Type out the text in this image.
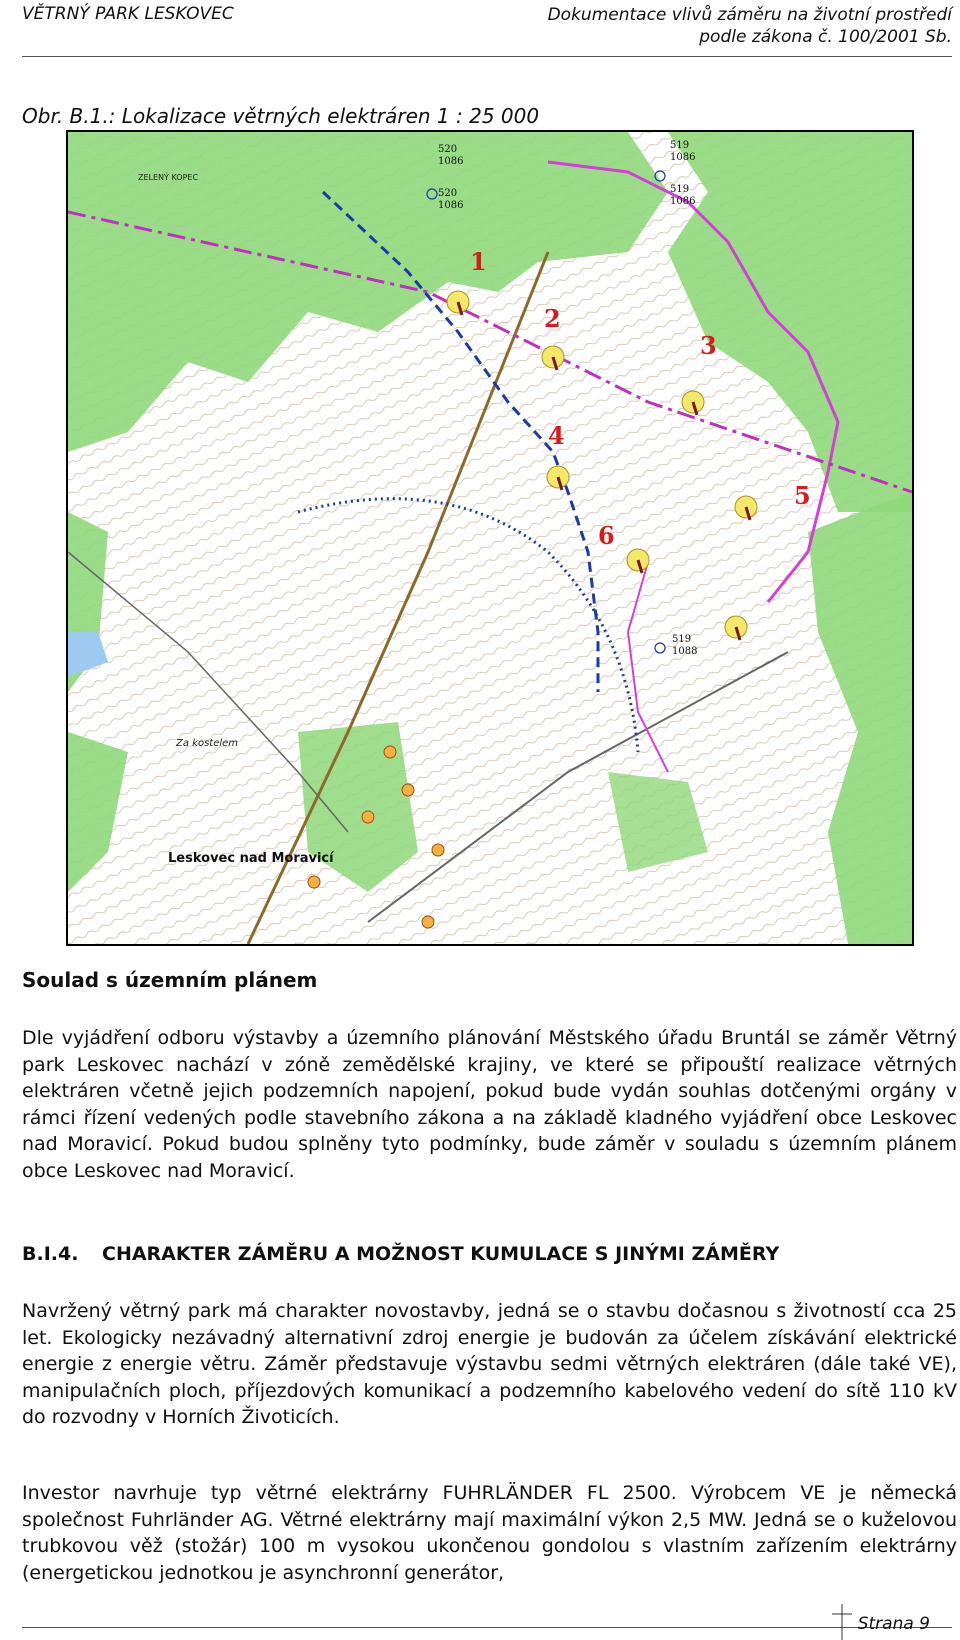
VĚTRNÝ PARK LESKOVEC	Dokumentace vlivů záměru na životní prostředí
podle zákona č. 100/2001 Sb.
Obr. B.1.: Lokalizace větrných elektráren 1 : 25 000
1
2
3
4
5
6
520
1086
520
1086
519
1086
519
1086
519
1088
ZELENÝ KOPEC
Za kostelem
Leskovec nad Moravicí
Soulad s územním plánem
Dle vyjádření odboru výstavby a územního plánování Městského úřadu Bruntál se záměr Větrný park Leskovec nachází v zóně zemědělské krajiny, ve které se připouští realizace větrných elektráren včetně jejich podzemních napojení, pokud bude vydán souhlas dotčenými orgány v rámci řízení vedených podle stavebního zákona a na základě kladného vyjádření obce Leskovec nad Moravicí. Pokud budou splněny tyto podmínky, bude záměr v souladu s územním plánem obce Leskovec nad Moravicí.
B.I.4. CHARAKTER ZÁMĚRU A MOŽNOST KUMULACE S JINÝMI ZÁMĚRY
Navržený větrný park má charakter novostavby, jedná se o stavbu dočasnou s životností cca 25 let. Ekologicky nezávadný alternativní zdroj energie je budován za účelem získávání elektrické energie z energie větru. Záměr představuje výstavbu sedmi větrných elektráren (dále také VE), manipulačních ploch, příjezdových komunikací a podzemního kabelového vedení do sítě 110 kV do rozvodny v Horních Životicích.
Investor navrhuje typ větrné elektrárny FUHRLÄNDER FL 2500. Výrobcem VE je německá společnost Fuhrländer AG. Větrné elektrárny mají maximální výkon 2,5 MW. Jedná se o kuželovou trubkovou věž (stožár) 100 m vysokou ukončenou gondolou s vlastním zařízením elektrárny (energetickou jednotkou je asynchronní generátor,
Strana 9
